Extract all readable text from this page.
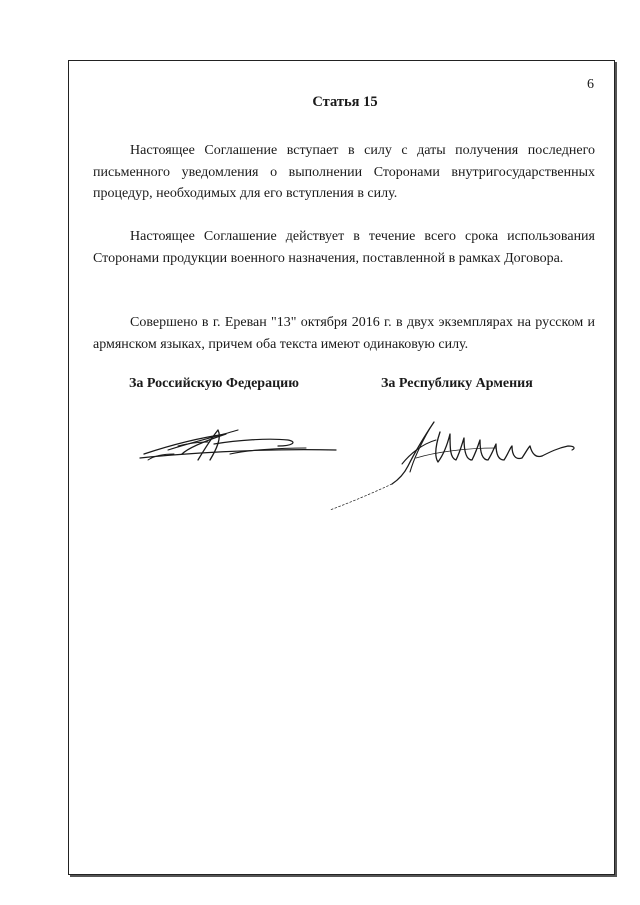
6
Статья 15

Настоящее Соглашение вступает в силу с даты получения последнего письменного уведомления о выполнении Сторонами внутригосударственных процедур, необходимых для его вступления в силу.

Настоящее Соглашение действует в течение всего срока использования Сторонами продукции военного назначения, поставленной в рамках Договора.

Совершено в г. Ереван "13" октября 2016 г. в двух экземплярах на русском и армянском языках, причем оба текста имеют одинаковую силу.

За Российскую Федерацию	За Республику Армения
